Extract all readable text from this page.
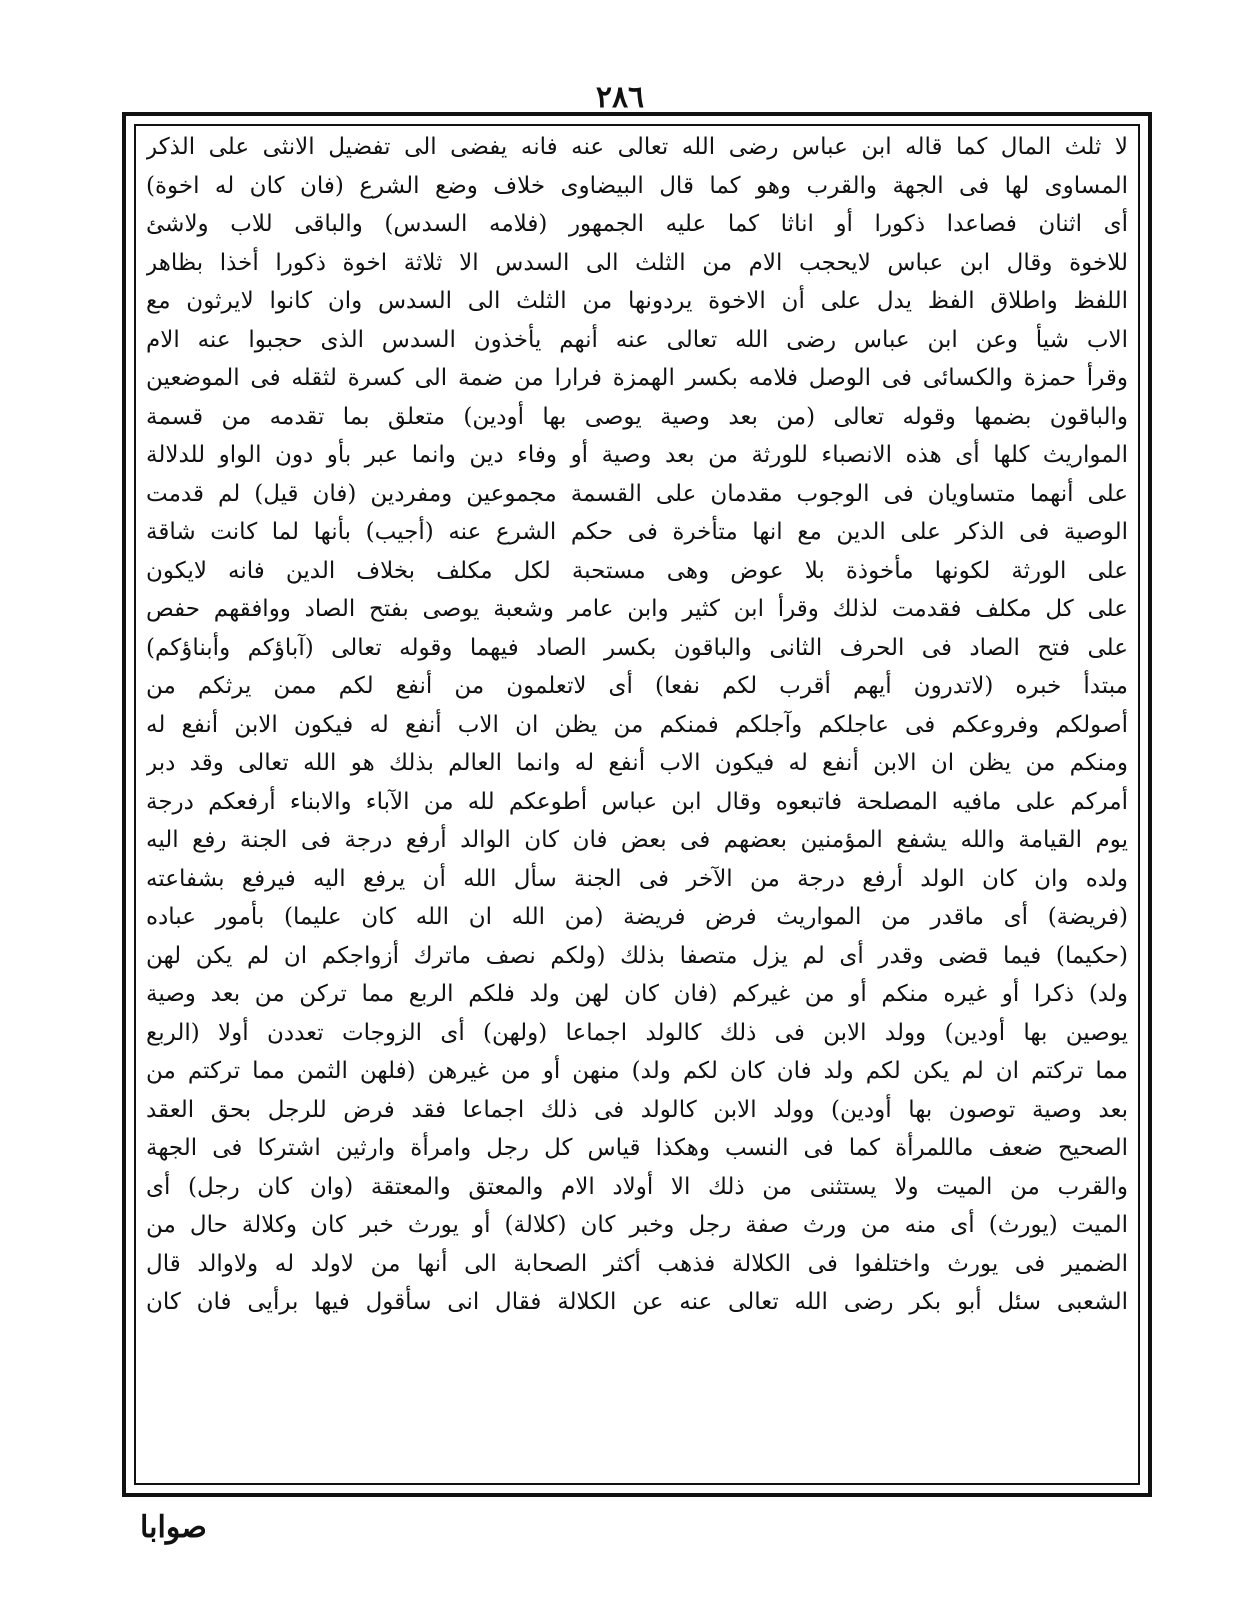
٢٨٦
لا ثلث المال كما قاله ابن عباس رضى الله تعالى عنه فانه يفضى الى تفضيل الانثى على الذكر
المساوى لها فى الجهة والقرب وهو كما قال البيضاوى خلاف وضع الشرع (فان كان له اخوة)
أى اثنان فصاعدا ذكورا أو اناثا كما عليه الجمهور (فلامه السدس) والباقى للاب ولاشئ
للاخوة وقال ابن عباس لايحجب الام من الثلث الى السدس الا ثلاثة اخوة ذكورا أخذا بظاهر
اللفظ واطلاق الفظ يدل على أن الاخوة يردونها من الثلث الى السدس وان كانوا لايرثون مع
الاب شيأ وعن ابن عباس رضى الله تعالى عنه أنهم يأخذون السدس الذى حجبوا عنه الام
وقرأ حمزة والكسائى فى الوصل فلامه بكسر الهمزة فرارا من ضمة الى كسرة لثقله فى الموضعين
والباقون بضمها وقوله تعالى (من بعد وصية يوصى بها أودين) متعلق بما تقدمه من قسمة
المواريث كلها أى هذه الانصباء للورثة من بعد وصية أو وفاء دين وانما عبر بأو دون الواو للدلالة
على أنهما متساويان فى الوجوب مقدمان على القسمة مجموعين ومفردين (فان قيل) لم قدمت
الوصية فى الذكر على الدين مع انها متأخرة فى حكم الشرع عنه (أجيب) بأنها لما كانت شاقة
على الورثة لكونها مأخوذة بلا عوض وهى مستحبة لكل مكلف بخلاف الدين فانه لايكون
على كل مكلف فقدمت لذلك وقرأ ابن كثير وابن عامر وشعبة يوصى بفتح الصاد ووافقهم حفص
على فتح الصاد فى الحرف الثانى والباقون بكسر الصاد فيهما وقوله تعالى (آباؤكم وأبناؤكم)
مبتدأ خبره (لاتدرون أيهم أقرب لكم نفعا) أى لاتعلمون من أنفع لكم ممن يرثكم من
أصولكم وفروعكم فى عاجلكم وآجلكم فمنكم من يظن ان الاب أنفع له فيكون الابن أنفع له
ومنكم من يظن ان الابن أنفع له فيكون الاب أنفع له وانما العالم بذلك هو الله تعالى وقد دبر
أمركم على مافيه المصلحة فاتبعوه وقال ابن عباس أطوعكم لله من الآباء والابناء أرفعكم درجة
يوم القيامة والله يشفع المؤمنين بعضهم فى بعض فان كان الوالد أرفع درجة فى الجنة رفع اليه
ولده وان كان الولد أرفع درجة من الآخر فى الجنة سأل الله أن يرفع اليه فيرفع بشفاعته
(فريضة) أى ماقدر من المواريث فرض فريضة (من الله ان الله كان عليما) بأمور عباده
(حكيما) فيما قضى وقدر أى لم يزل متصفا بذلك (ولكم نصف ماترك أزواجكم ان لم يكن لهن
ولد) ذكرا أو غيره منكم أو من غيركم (فان كان لهن ولد فلكم الربع مما تركن من بعد وصية
يوصين بها أودين) وولد الابن فى ذلك كالولد اجماعا (ولهن) أى الزوجات تعددن أولا (الربع
مما تركتم ان لم يكن لكم ولد فان كان لكم ولد) منهن أو من غيرهن (فلهن الثمن مما تركتم من
بعد وصية توصون بها أودين) وولد الابن كالولد فى ذلك اجماعا فقد فرض للرجل بحق العقد
الصحيح ضعف ماللمرأة كما فى النسب وهكذا قياس كل رجل وامرأة وارثين اشتركا فى الجهة
والقرب من الميت ولا يستثنى من ذلك الا أولاد الام والمعتق والمعتقة (وان كان رجل) أى
الميت (يورث) أى منه من ورث صفة رجل وخبر كان (كلالة) أو يورث خبر كان وكلالة حال من
الضمير فى يورث واختلفوا فى الكلالة فذهب أكثر الصحابة الى أنها من لاولد له ولاوالد قال
الشعبى سئل أبو بكر رضى الله تعالى عنه عن الكلالة فقال انى سأقول فيها برأيى فان كان
صوابا
